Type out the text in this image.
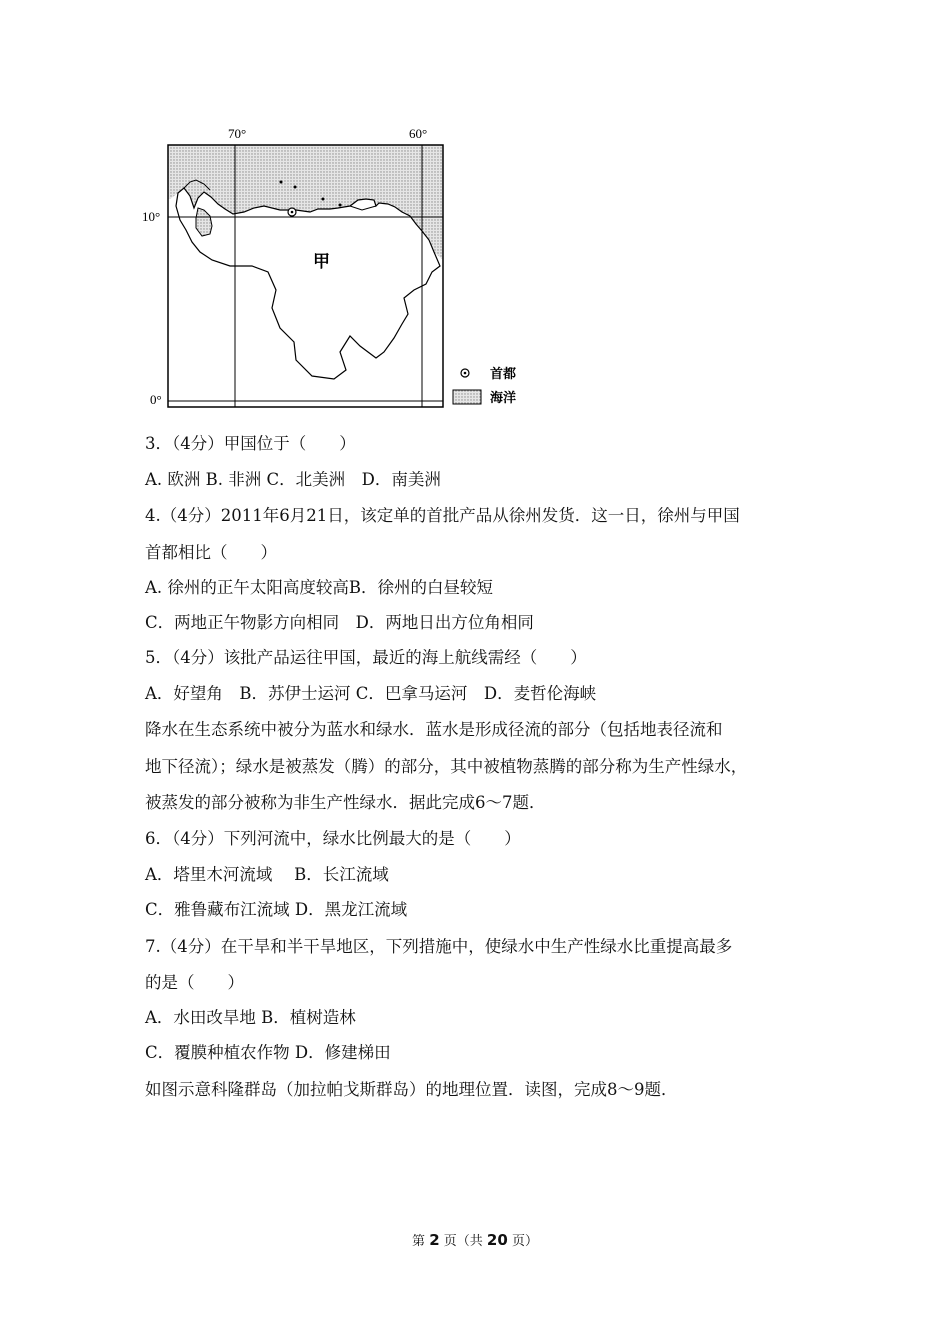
70°	60°
10°
0°
甲
首都
海洋
3．（4分）甲国位于（　　）
A. 欧洲 B. 非洲 C．北美洲　D．南美洲
4.（4分）2011年6月21日，该定单的首批产品从徐州发货．这一日，徐州与甲国
首都相比（　　）
A. 徐州的正午太阳高度较高B．徐州的白昼较短
C．两地正午物影方向相同　D．两地日出方位角相同
5．（4分）该批产品运往甲国，最近的海上航线需经（　　）
A．好望角　B．苏伊士运河 C．巴拿马运河　D．麦哲伦海峡
降水在生态系统中被分为蓝水和绿水．蓝水是形成径流的部分（包括地表径流和
地下径流）；绿水是被蒸发（腾）的部分，其中被植物蒸腾的部分称为生产性绿水，
被蒸发的部分被称为非生产性绿水．据此完成6～7题．
6．（4分）下列河流中，绿水比例最大的是（　　）
A．塔里木河流域　 B．长江流域
C．雅鲁藏布江流域 D．黑龙江流域
7.（4分）在干旱和半干旱地区，下列措施中，使绿水中生产性绿水比重提高最多
的是（　　）
A．水田改旱地 B．植树造林
C．覆膜种植农作物 D．修建梯田
如图示意科隆群岛（加拉帕戈斯群岛）的地理位置．读图，完成8～9题．
第 2 页（共 20 页）
